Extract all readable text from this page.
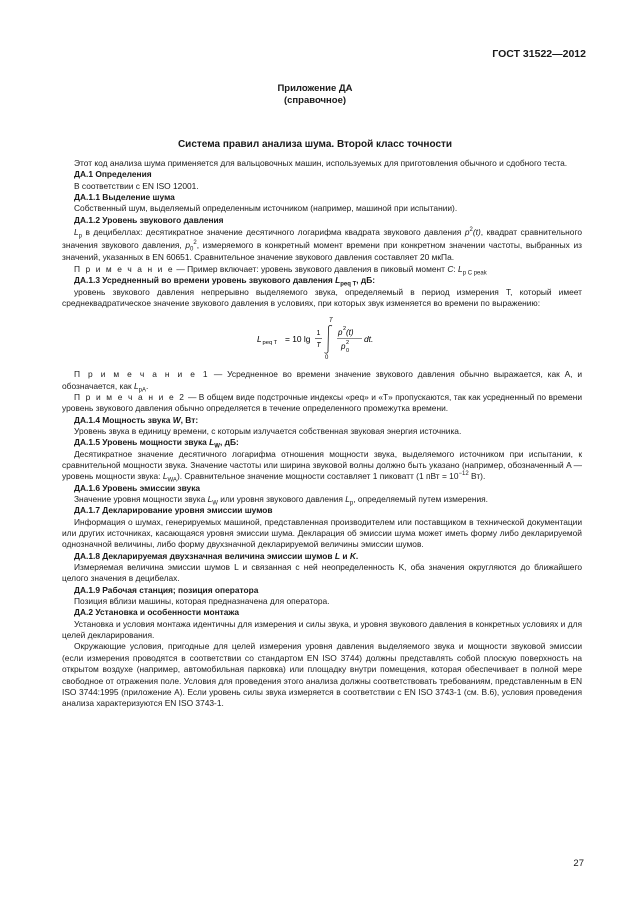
ГОСТ 31522—2012
Приложение ДА
(справочное)
Система правил анализа шума. Второй класс точности

Этот код анализа шума применяется для вальцовочных машин, используемых для приготовления обычного и сдобного теста.

ДА.1 Определения

В соответствии с EN ISO 12001.

ДА.1.1 Выделение шума

Собственный шум, выделяемый определенным источником (например, машиной при испытании).

ДА.1.2 Уровень звукового давления

$L_p$ в децибеллах: десятикратное значение десятичного логарифма квадрата звукового давления $p^2(t)$, квадрат сравнительного значения звукового давления, $p_0^2$, измеряемого в конкретный момент времени при конкретном значении частоты, выбранных из значений, указанных в EN 60651. Сравнительное значение звукового давления составляет 20 мкПа.

П р и м е ч а н и е — Пример включает: уровень звукового давления в пиковый момент C: $L_{p C peak}$

ДА.1.3 Усредненный во времени уровень звукового давления $L_{peq T}$, дБ:

уровень звукового давления непрерывно выделяемого звука, определяемый в период измерения T, который имеет среднеквадратическое значение звукового давления в условиях, при которых звук изменяется во времени по выражению:

L peq T = 10 lg
1
T
T
0
p 2 (t)
p 2
0
dt.

П р и м е ч а н и е 1 — Усредненное во времени значение звукового давления обычно выражается, как A, и обозначается, как $L_{pA}$.

П р и м е ч а н и е 2 — В общем виде подстрочные индексы «peq» и «T» пропускаются, так как усредненный по времени уровень звукового давления обычно определяется в течение определенного промежутка времени.

ДА.1.4 Мощность звука W, Вт:

Уровень звука в единицу времени, с которым излучается собственная звуковая энергия источника.

ДА.1.5 Уровень мощности звука $L_W$, дБ:

Десятикратное значение десятичного логарифма отношения мощности звука, выделяемого источником при испытании, к сравнительной мощности звука. Значение частоты или ширина звуковой волны должно быть указано (например, обозначенный A — уровень мощности звука: $L_{WA}$). Сравнительное значение мощности составляет 1 пиковатт (1 пВт = $10^{-12}$ Вт).

ДА.1.6 Уровень эмиссии звука

Значение уровня мощности звука $L_W$ или уровня звукового давления $L_p$, определяемый путем измерения.

ДА.1.7 Декларирование уровня эмиссии шумов

Информация о шумах, генерируемых машиной, представленная производителем или поставщиком в технической документации или других источниках, касающаяся уровня эмиссии шума. Декларация об эмиссии шума может иметь форму либо декларируемой однозначной величины, либо форму двухзначной декларируемой величины эмиссии шумов.

ДА.1.8 Декларируемая двухзначная величина эмиссии шумов L и K.

Измеряемая величина эмиссии шумов L и связанная с ней неопределенность K, оба значения округляются до ближайшего целого значения в децибелах.

ДА.1.9 Рабочая станция; позиция оператора

Позиция вблизи машины, которая предназначена для оператора.

ДА.2 Установка и особенности монтажа

Установка и условия монтажа идентичны для измерения и силы звука, и уровня звукового давления в конкретных условиях и для целей декларирования.

Окружающие условия, пригодные для целей измерения уровня давления выделяемого звука и мощности звуковой эмиссии (если измерения проводятся в соответствии со стандартом EN ISO 3744) должны представлять собой плоскую поверхность на открытом воздухе (например, автомобильная парковка) или площадку внутри помещения, которая обеспечивает в полной мере свободное от отражения поле. Условия для проведения этого анализа должны соответствовать требованиям, представленным в EN ISO 3744:1995 (приложение A). Если уровень силы звука измеряется в соответствии с EN ISO 3743-1 (см. B.6), условия проведения анализа характеризуются EN ISO 3743-1.

27
